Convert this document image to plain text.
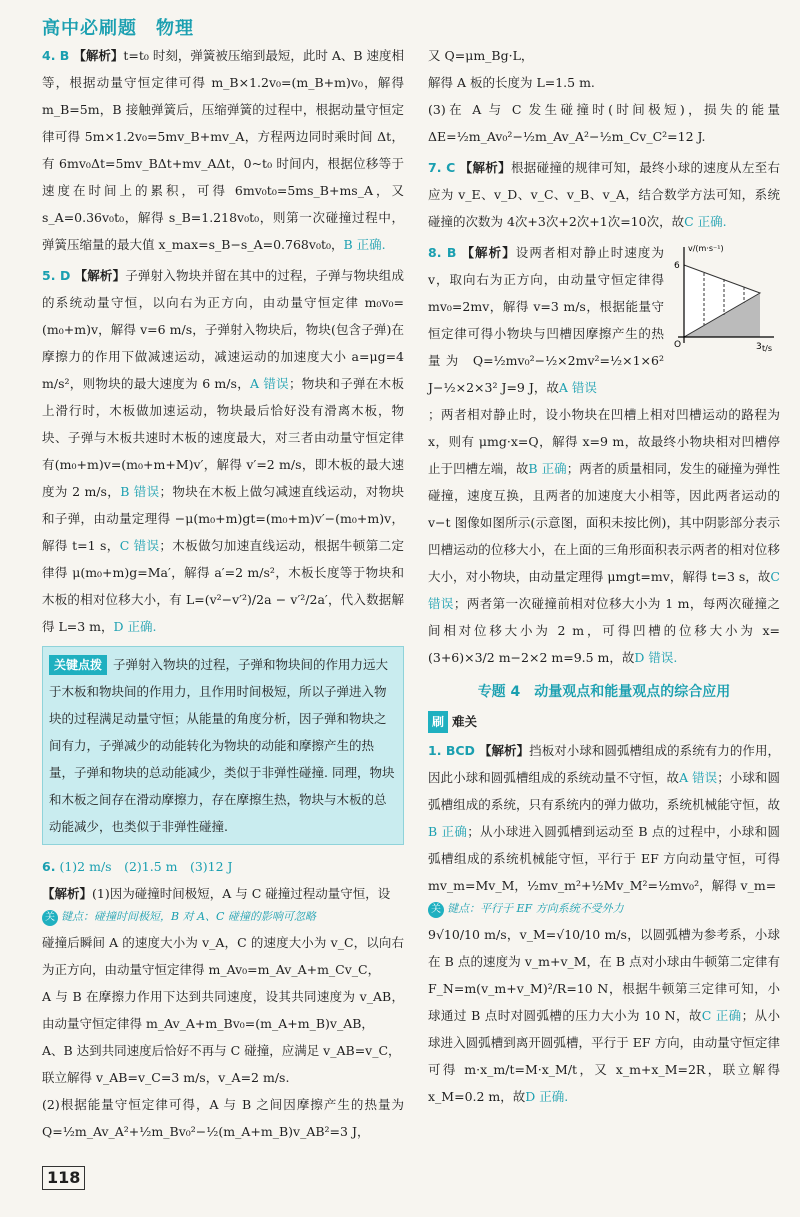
高中必刷题　物理

4. B 【解析】t=t₀ 时刻，弹簧被压缩到最短，此时 A、B 速度相等，根据动量守恒定律可得 m_B×1.2v₀=(m_B+m)v₀，解得 m_B=5m，B 接触弹簧后，压缩弹簧的过程中，根据动量守恒定律可得 5m×1.2v₀=5mv_B+mv_A，方程两边同时乘时间 Δt，有 6mv₀Δt=5mv_BΔt+mv_AΔt，0~t₀ 时间内，根据位移等于速度在时间上的累积，可得 6mv₀t₀=5ms_B+ms_A，又 s_A=0.36v₀t₀，解得 s_B=1.218v₀t₀，则第一次碰撞过程中，弹簧压缩量的最大值 x_max=s_B−s_A=0.768v₀t₀，B 正确.

5. D 【解析】子弹射入物块并留在其中的过程，子弹与物块组成的系统动量守恒，以向右为正方向，由动量守恒定律 m₀v₀=(m₀+m)v，解得 v=6 m/s，子弹射入物块后，物块(包含子弹)在摩擦力的作用下做减速运动，减速运动的加速度大小 a=μg=4 m/s²，则物块的最大速度为 6 m/s，A 错误；物块和子弹在木板上滑行时，木板做加速运动，物块最后恰好没有滑离木板，物块、子弹与木板共速时木板的速度最大，对三者由动量守恒定律有(m₀+m)v=(m₀+m+M)v′，解得 v′=2 m/s，即木板的最大速度为 2 m/s，B 错误；物块在木板上做匀减速直线运动，对物块和子弹，由动量定理得 −μ(m₀+m)gt=(m₀+m)v′−(m₀+m)v，解得 t=1 s，C 错误；木板做匀加速直线运动，根据牛顿第二定律得 μ(m₀+m)g=Ma′，解得 a′=2 m/s²，木板长度等于物块和木板的相对位移大小，有 L=(v²−v′²)/2a − v′²/2a′，代入数据解得 L=3 m，D 正确.

关键点拨 子弹射入物块的过程，子弹和物块间的作用力远大于木板和物块间的作用力，且作用时间极短，所以子弹进入物块的过程满足动量守恒；从能量的角度分析，因子弹和物块之间有力，子弹减少的动能转化为物块的动能和摩擦产生的热量，子弹和物块的总动能减少，类似于非弹性碰撞. 同理，物块和木板之间存在滑动摩擦力，存在摩擦生热，物块与木板的总动能减少，也类似于非弹性碰撞.

6. (1)2 m/s　(2)1.5 m　(3)12 J

【解析】(1)因为碰撞时间极短，A 与 C 碰撞过程动量守恒，设

关 键点：碰撞时间极短，B 对 A、C 碰撞的影响可忽略

碰撞后瞬间 A 的速度大小为 v_A，C 的速度大小为 v_C，以向右为正方向，由动量守恒定律得 m_Av₀=m_Av_A+m_Cv_C，

A 与 B 在摩擦力作用下达到共同速度，设其共同速度为 v_AB，由动量守恒定律得 m_Av_A+m_Bv₀=(m_A+m_B)v_AB，

A、B 达到共同速度后恰好不再与 C 碰撞，应满足 v_AB=v_C，

联立解得 v_AB=v_C=3 m/s，v_A=2 m/s.

(2)根据能量守恒定律可得，A 与 B 之间因摩擦产生的热量为 Q=½m_Av_A²+½m_Bv₀²−½(m_A+m_B)v_AB²=3 J，

又 Q=μm_Bg·L，

解得 A 板的长度为 L=1.5 m.

(3)在 A 与 C 发生碰撞时(时间极短)，损失的能量 ΔE=½m_Av₀²−½m_Av_A²−½m_Cv_C²=12 J.

7. C 【解析】根据碰撞的规律可知，最终小球的速度从左至右应为 v_E、v_D、v_C、v_B、v_A，结合数学方法可知，系统碰撞的次数为 4次+3次+2次+1次=10次，故C 正确.

8. B 【解析】设两者相对静止时速度为 v，取向右为正方向，由动量守恒定律得 mv₀=2mv，解得 v=3 m/s，根据能量守恒定律可得小物块与凹槽因摩擦产生的热量为 Q=½mv₀²−½×2mv²=½×1×6² J−½×2×3² J=9 J，故A 错误

v/(m·s⁻¹)
t/s
6
3
O

；两者相对静止时，设小物块在凹槽上相对凹槽运动的路程为 x，则有 μmg·x=Q，解得 x=9 m，故最终小物块相对凹槽停止于凹槽左端，故B 正确；两者的质量相同，发生的碰撞为弹性碰撞，速度互换，且两者的加速度大小相等，因此两者运动的 v−t 图像如图所示(示意图，面积未按比例)，其中阴影部分表示凹槽运动的位移大小，在上面的三角形面积表示两者的相对位移大小，对小物块，由动量定理得 μmgt=mv，解得 t=3 s，故C 错误；两者第一次碰撞前相对位移大小为 1 m，每两次碰撞之间相对位移大小为 2 m，可得凹槽的位移大小为 x=(3+6)×3/2 m−2×2 m=9.5 m，故D 错误.

专题 4　动量观点和能量观点的综合应用
刷 难关

1. BCD 【解析】挡板对小球和圆弧槽组成的系统有力的作用，因此小球和圆弧槽组成的系统动量不守恒，故A 错误；小球和圆弧槽组成的系统，只有系统内的弹力做功，系统机械能守恒，故B 正确；从小球进入圆弧槽到运动至 B 点的过程中，小球和圆弧槽组成的系统机械能守恒，平行于 EF 方向动量守恒，可得 mv_m=Mv_M，½mv_m²+½Mv_M²=½mv₀²，解得 v_m=

关 键点：平行于 EF 方向系统不受外力

9√10/10 m/s，v_M=√10/10 m/s，以圆弧槽为参考系，小球在 B 点的速度为 v_m+v_M，在 B 点对小球由牛顿第二定律有 F_N=m(v_m+v_M)²/R=10 N，根据牛顿第三定律可知，小球通过 B 点时对圆弧槽的压力大小为 10 N，故C 正确；从小球进入圆弧槽到离开圆弧槽，平行于 EF 方向，由动量守恒定律可得 m·x_m/t=M·x_M/t，又 x_m+x_M=2R，联立解得 x_M=0.2 m，故D 正确.

118
